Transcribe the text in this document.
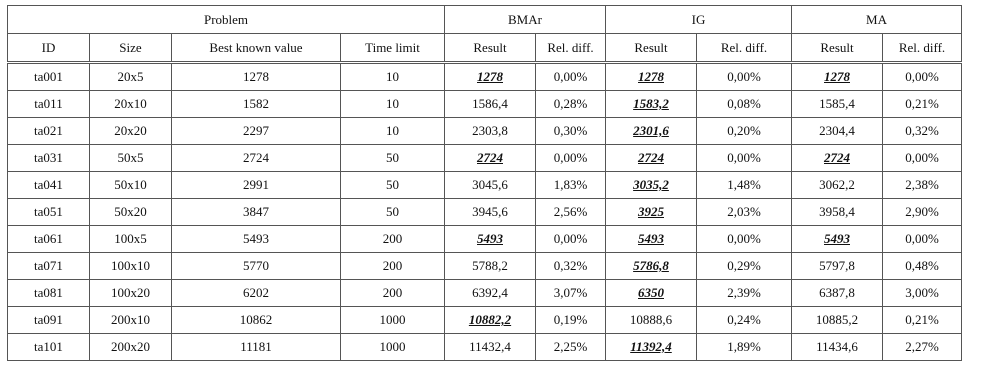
Problem				BMAr		IG		MA	
ID	Size	Best known value	Time limit	Result	Rel. diff.	Result	Rel. diff.	Result	Rel. diff.
ta001	20x5	1278	10	1278	0,00%	1278	0,00%	1278	0,00%
ta011	20x10	1582	10	1586,4	0,28%	1583,2	0,08%	1585,4	0,21%
ta021	20x20	2297	10	2303,8	0,30%	2301,6	0,20%	2304,4	0,32%
ta031	50x5	2724	50	2724	0,00%	2724	0,00%	2724	0,00%
ta041	50x10	2991	50	3045,6	1,83%	3035,2	1,48%	3062,2	2,38%
ta051	50x20	3847	50	3945,6	2,56%	3925	2,03%	3958,4	2,90%
ta061	100x5	5493	200	5493	0,00%	5493	0,00%	5493	0,00%
ta071	100x10	5770	200	5788,2	0,32%	5786,8	0,29%	5797,8	0,48%
ta081	100x20	6202	200	6392,4	3,07%	6350	2,39%	6387,8	3,00%
ta091	200x10	10862	1000	10882,2	0,19%	10888,6	0,24%	10885,2	0,21%
ta101	200x20	11181	1000	11432,4	2,25%	11392,4	1,89%	11434,6	2,27%
